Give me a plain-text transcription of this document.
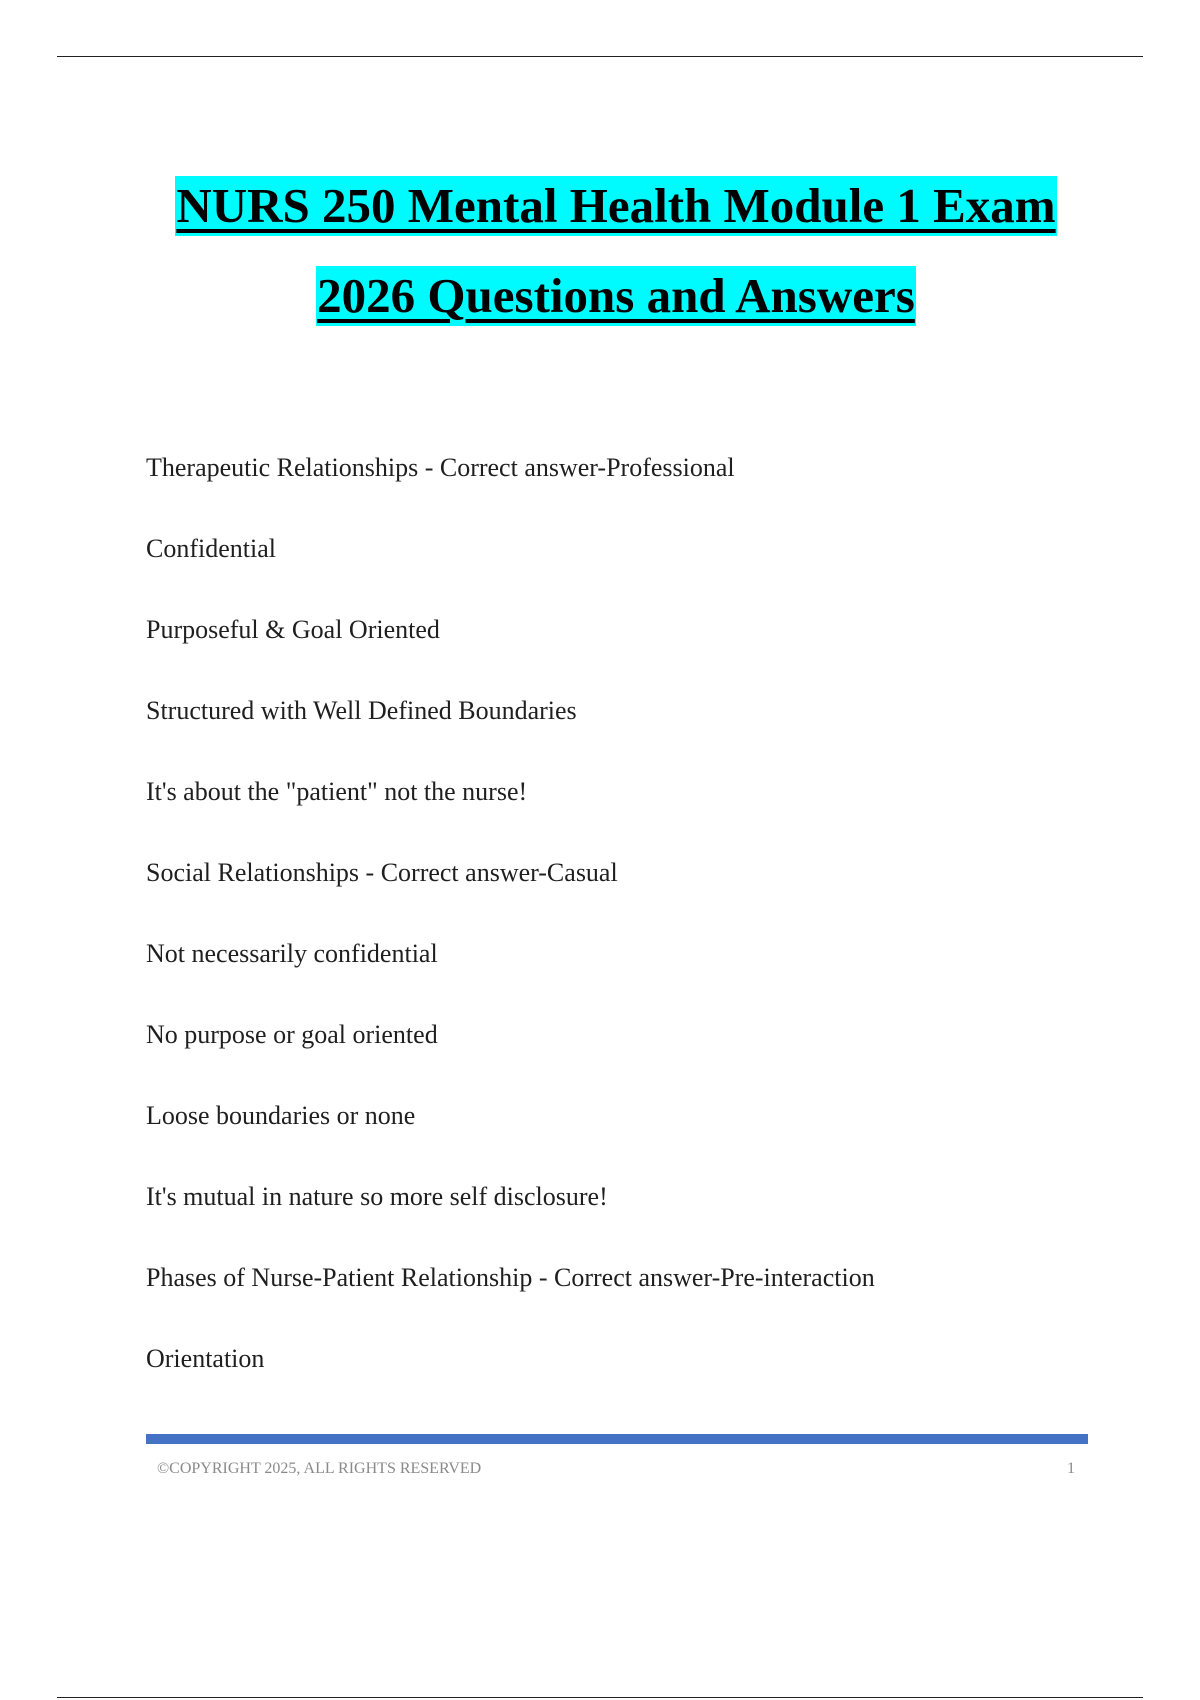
NURS 250 Mental Health Module 1 Exam
2026 Questions and Answers
Therapeutic Relationships - Correct answer-Professional
Confidential
Purposeful & Goal Oriented
Structured with Well Defined Boundaries
It's about the "patient" not the nurse!
Social Relationships - Correct answer-Casual
Not necessarily confidential
No purpose or goal oriented
Loose boundaries or none
It's mutual in nature so more self disclosure!
Phases of Nurse-Patient Relationship - Correct answer-Pre-interaction
Orientation
©COPYRIGHT 2025, ALL RIGHTS RESERVED	1
